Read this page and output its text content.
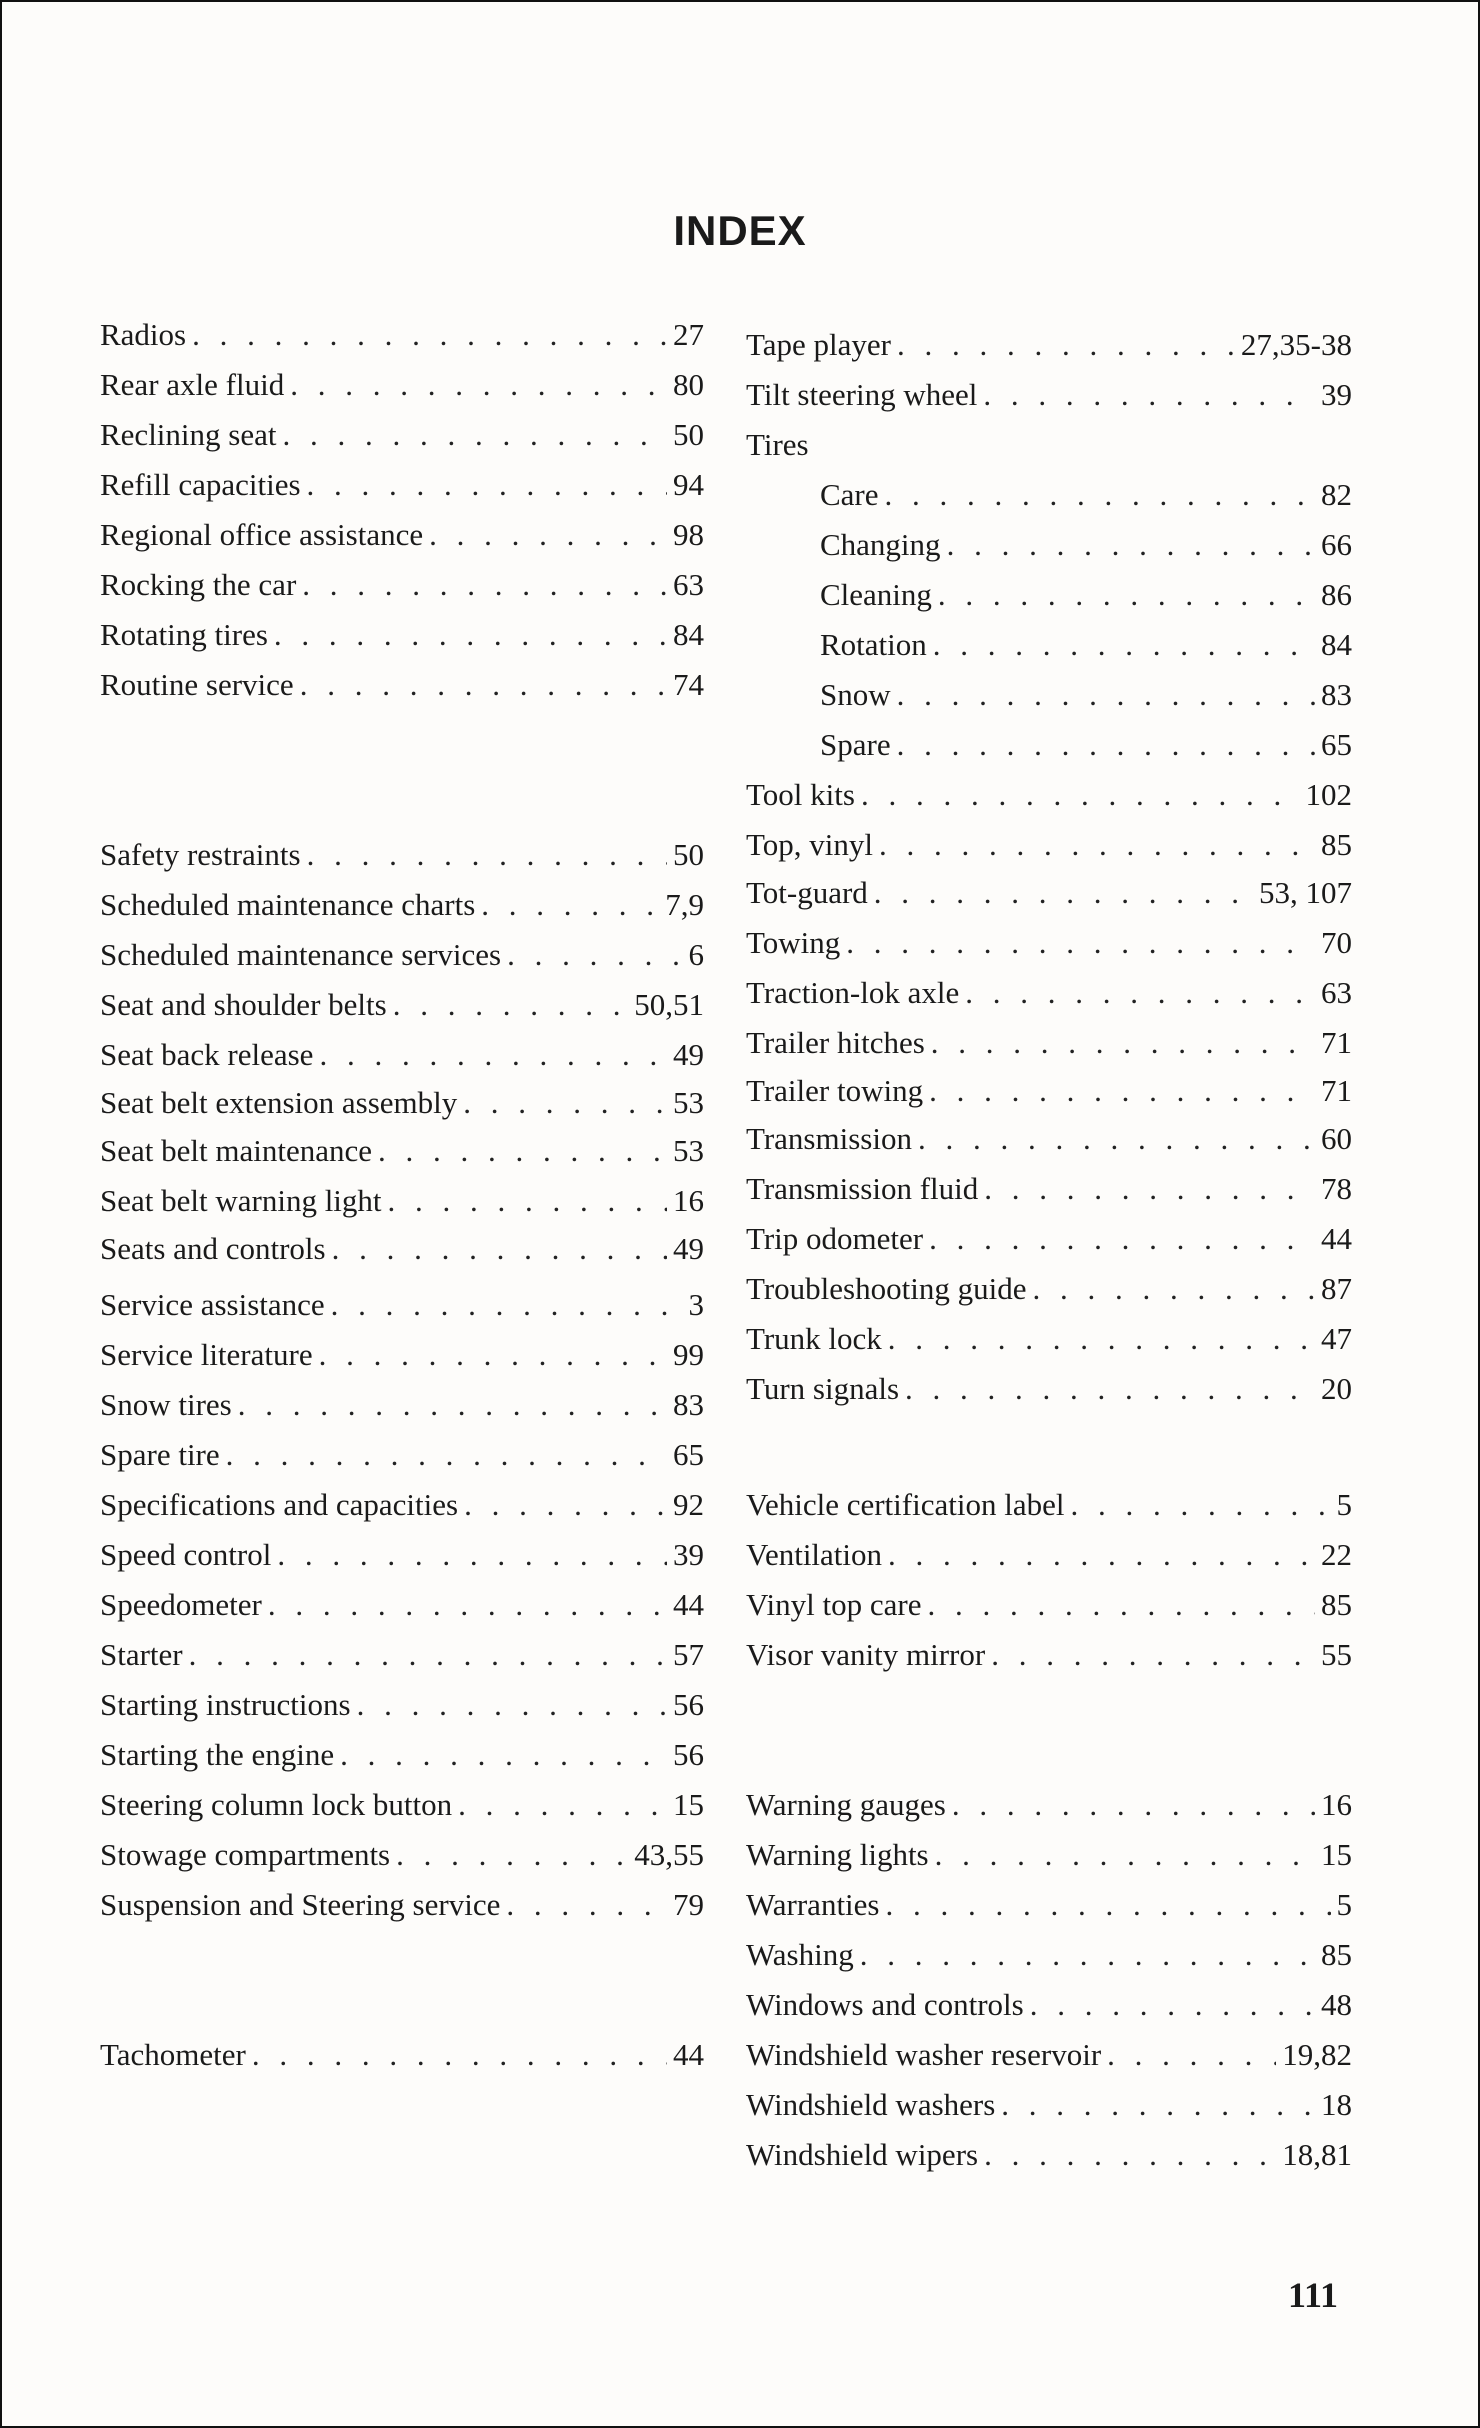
INDEX
Radios . . .	27
Rear axle fluid . . .	80
Reclining seat . . .	50
Refill capacities . . .	94
Regional office assistance . . .	98
Rocking the car . . .	63
Rotating tires . . .	84
Routine service . . .	74
Safety restraints . . .	50
Scheduled maintenance charts . . .	7,9
Scheduled maintenance services . . .	6
Seat and shoulder belts . . .	50,51
Seat back release . . .	49
Seat belt extension assembly . . .	53
Seat belt maintenance . . .	53
Seat belt warning light . . .	16
Seats and controls . . .	49
Service assistance . . .	3
Service literature . . .	99
Snow tires . . .	83
Spare tire . . .	65
Specifications and capacities . . .	92
Speed control . . .	39
Speedometer . . .	44
Starter . . .	57
Starting instructions . . .	56
Starting the engine . . .	56
Steering column lock button . . .	15
Stowage compartments . . .	43,55
Suspension and Steering service . . .	79
Tachometer . . .	44
Tape player . . .	27,35-38
Tilt steering wheel . . .	39
Tires
Care . . .	82
Changing . . .	66
Cleaning . . .	86
Rotation . . .	84
Snow . . .	83
Spare . . .	65
Tool kits . . .	102
Top, vinyl . . .	85
Tot-guard . . .	53, 107
Towing . . .	70
Traction-lok axle . . .	63
Trailer hitches . . .	71
Trailer towing . . .	71
Transmission . . .	60
Transmission fluid . . .	78
Trip odometer . . .	44
Troubleshooting guide . . .	87
Trunk lock . . .	47
Turn signals . . .	20
Vehicle certification label . . .	5
Ventilation . . .	22
Vinyl top care . . .	85
Visor vanity mirror . . .	55
Warning gauges . . .	16
Warning lights . . .	15
Warranties . . .	5
Washing . . .	85
Windows and controls . . .	48
Windshield washer reservoir . . .	19,82
Windshield washers . . .	18
Windshield wipers . . .	18,81
111
